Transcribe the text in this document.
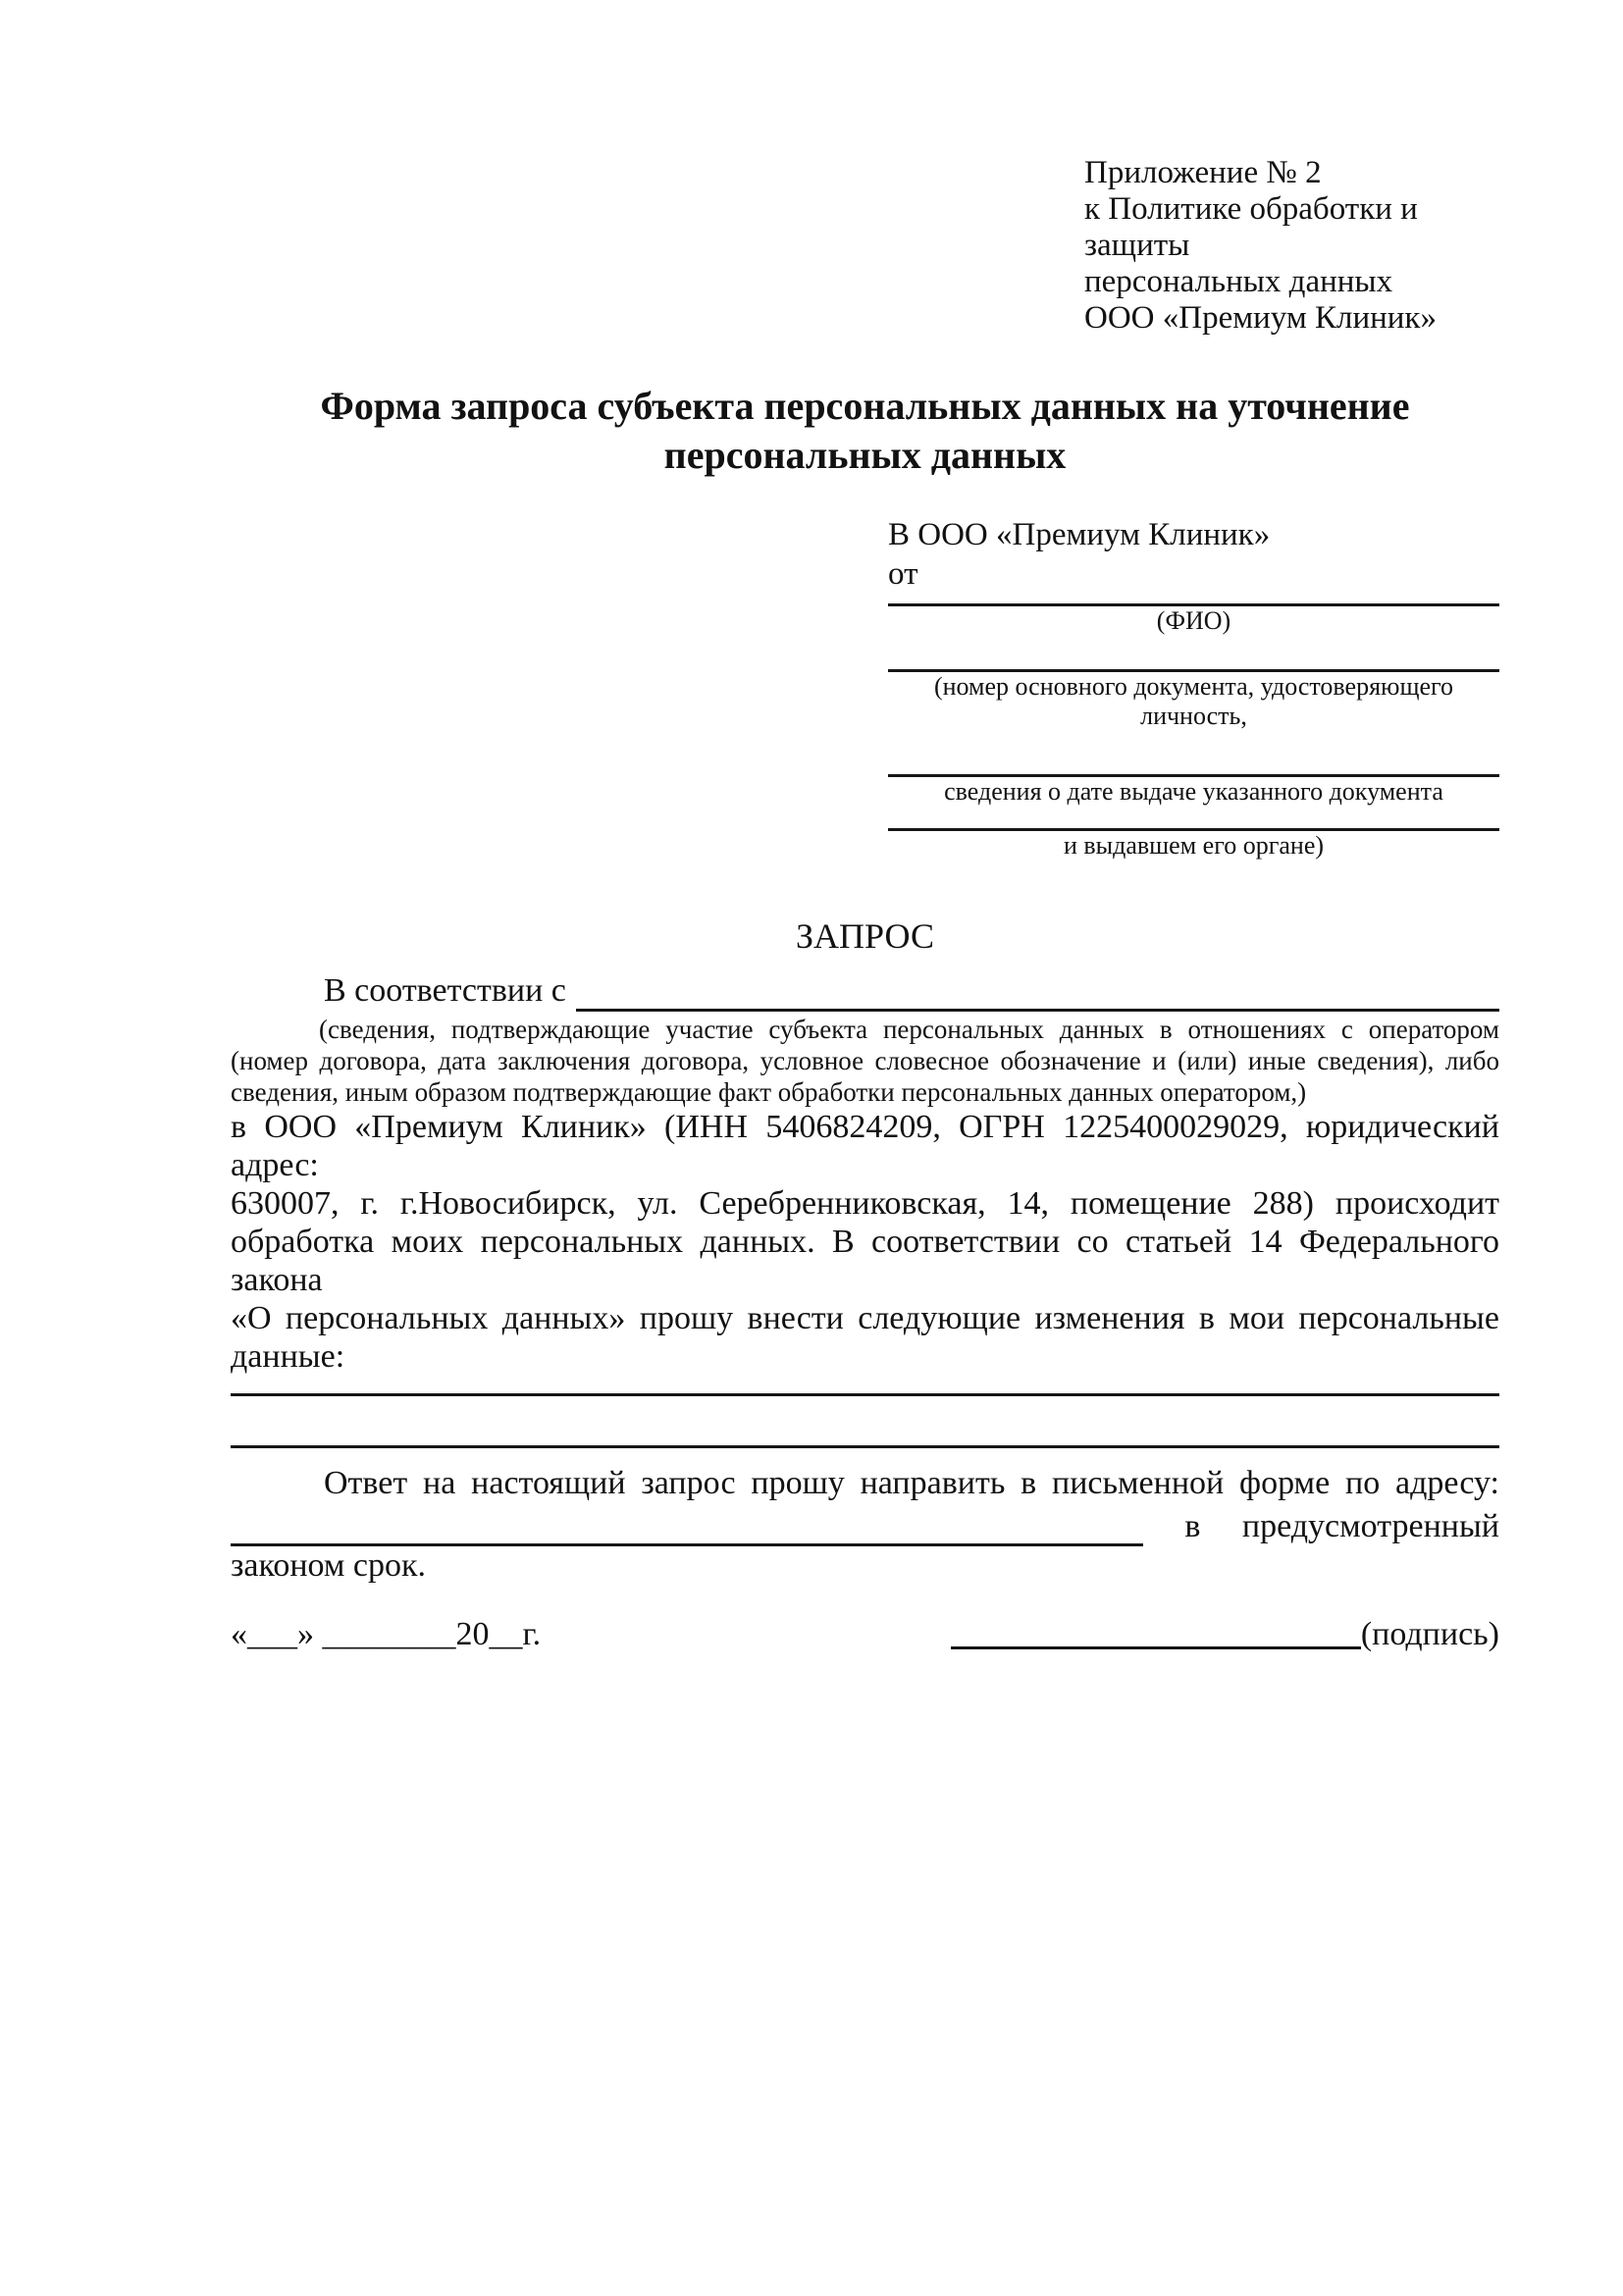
Приложение № 2
к Политике обработки и защиты
персональных данных
ООО «Премиум Клиник»
Форма запроса субъекта персональных данных на уточнение персональных данных
В ООО «Премиум Клиник»
от
(ФИО)
(номер основного документа, удостоверяющего личность,
сведения о дате выдаче указанного документа
и выдавшем его органе)
ЗАПРОС
В соответствии с

(сведения, подтверждающие участие субъекта персональных данных в отношениях с оператором (номер договора, дата заключения договора, условное словесное обозначение и (или) иные сведения), либо сведения, иным образом подтверждающие факт обработки персональных данных оператором,)

в ООО «Премиум Клиник» (ИНН 5406824209, ОГРН 1225400029029, юридический адрес:
630007, г. г.Новосибирск, ул. Серебренниковская, 14, помещение 288) происходит
обработка моих персональных данных. В соответствии со статьей 14 Федерального закона
«О персональных данных» прошу внести следующие изменения в мои персональные
данные:
Ответ на настоящий запрос прошу направить в письменной форме по адресу:
в предусмотренный
законом срок.
«___» ________20__г.	(подпись)
